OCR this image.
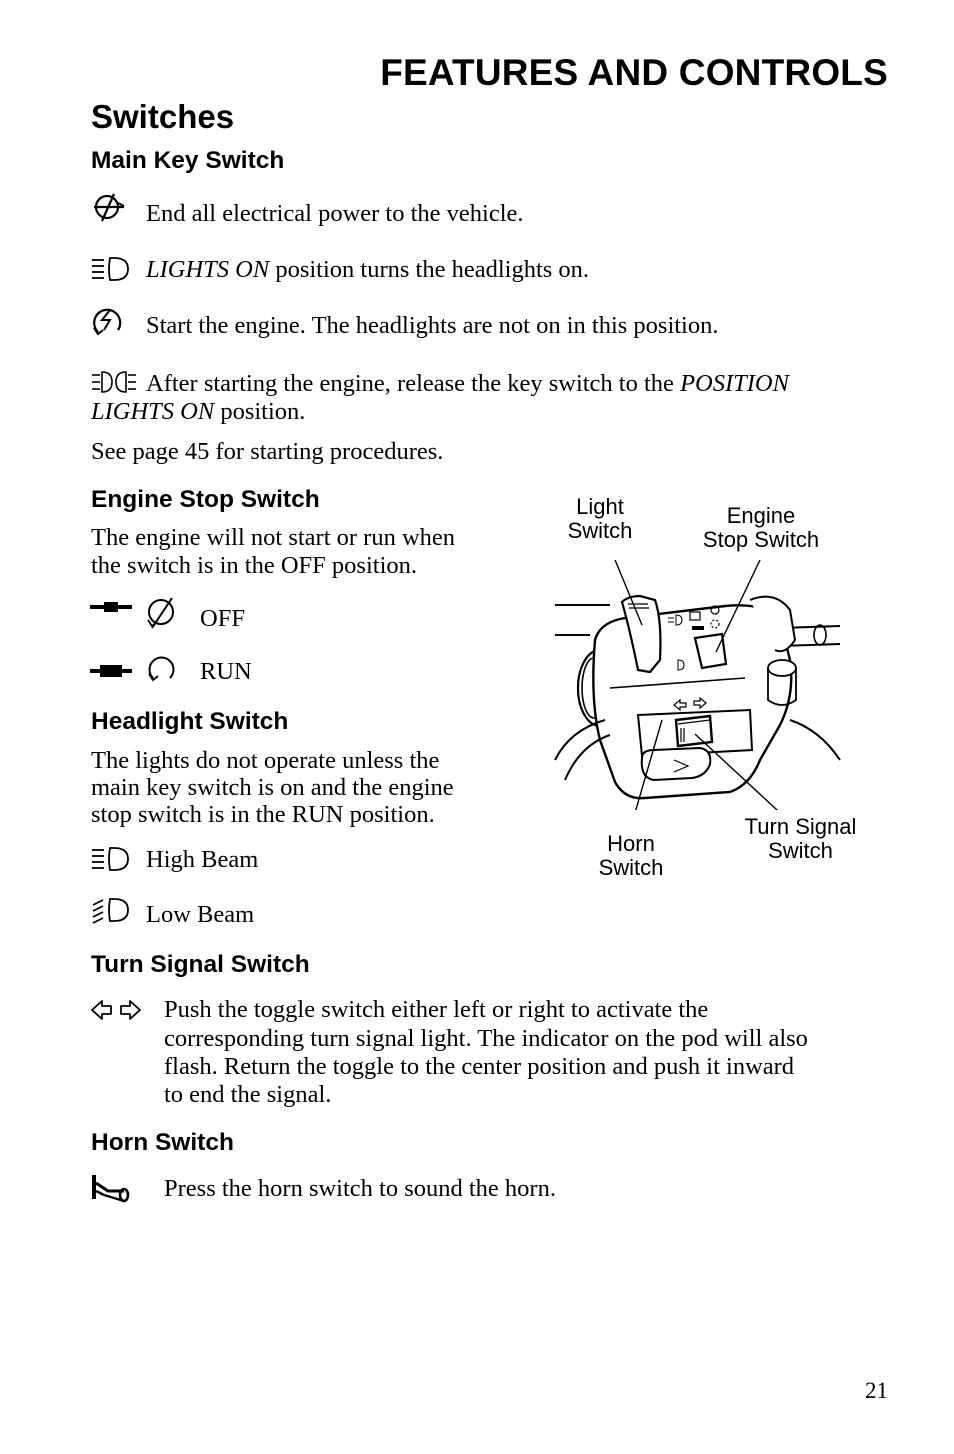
FEATURES AND CONTROLS
Switches
Main Key Switch
End all electrical power to the vehicle.
LIGHTS ON position turns the headlights on.
Start the engine. The headlights are not on in this position.
After starting the engine, release the key switch to the POSITION
LIGHTS ON position.
See page 45 for starting procedures.
Engine Stop Switch
The engine will not start or run when
the switch is in the OFF position.
OFF
RUN
Headlight Switch
The lights do not operate unless the
main key switch is on and the engine
stop switch is in the RUN position.
High Beam
Low Beam
Turn Signal Switch
Push the toggle switch either left or right to activate the
corresponding turn signal light. The indicator on the pod will also
flash. Return the toggle to the center position and push it inward
to end the signal.
Horn Switch
Press the horn switch to sound the horn.
Light
Switch
Engine
Stop Switch
Horn
Switch
Turn Signal
Switch
21
